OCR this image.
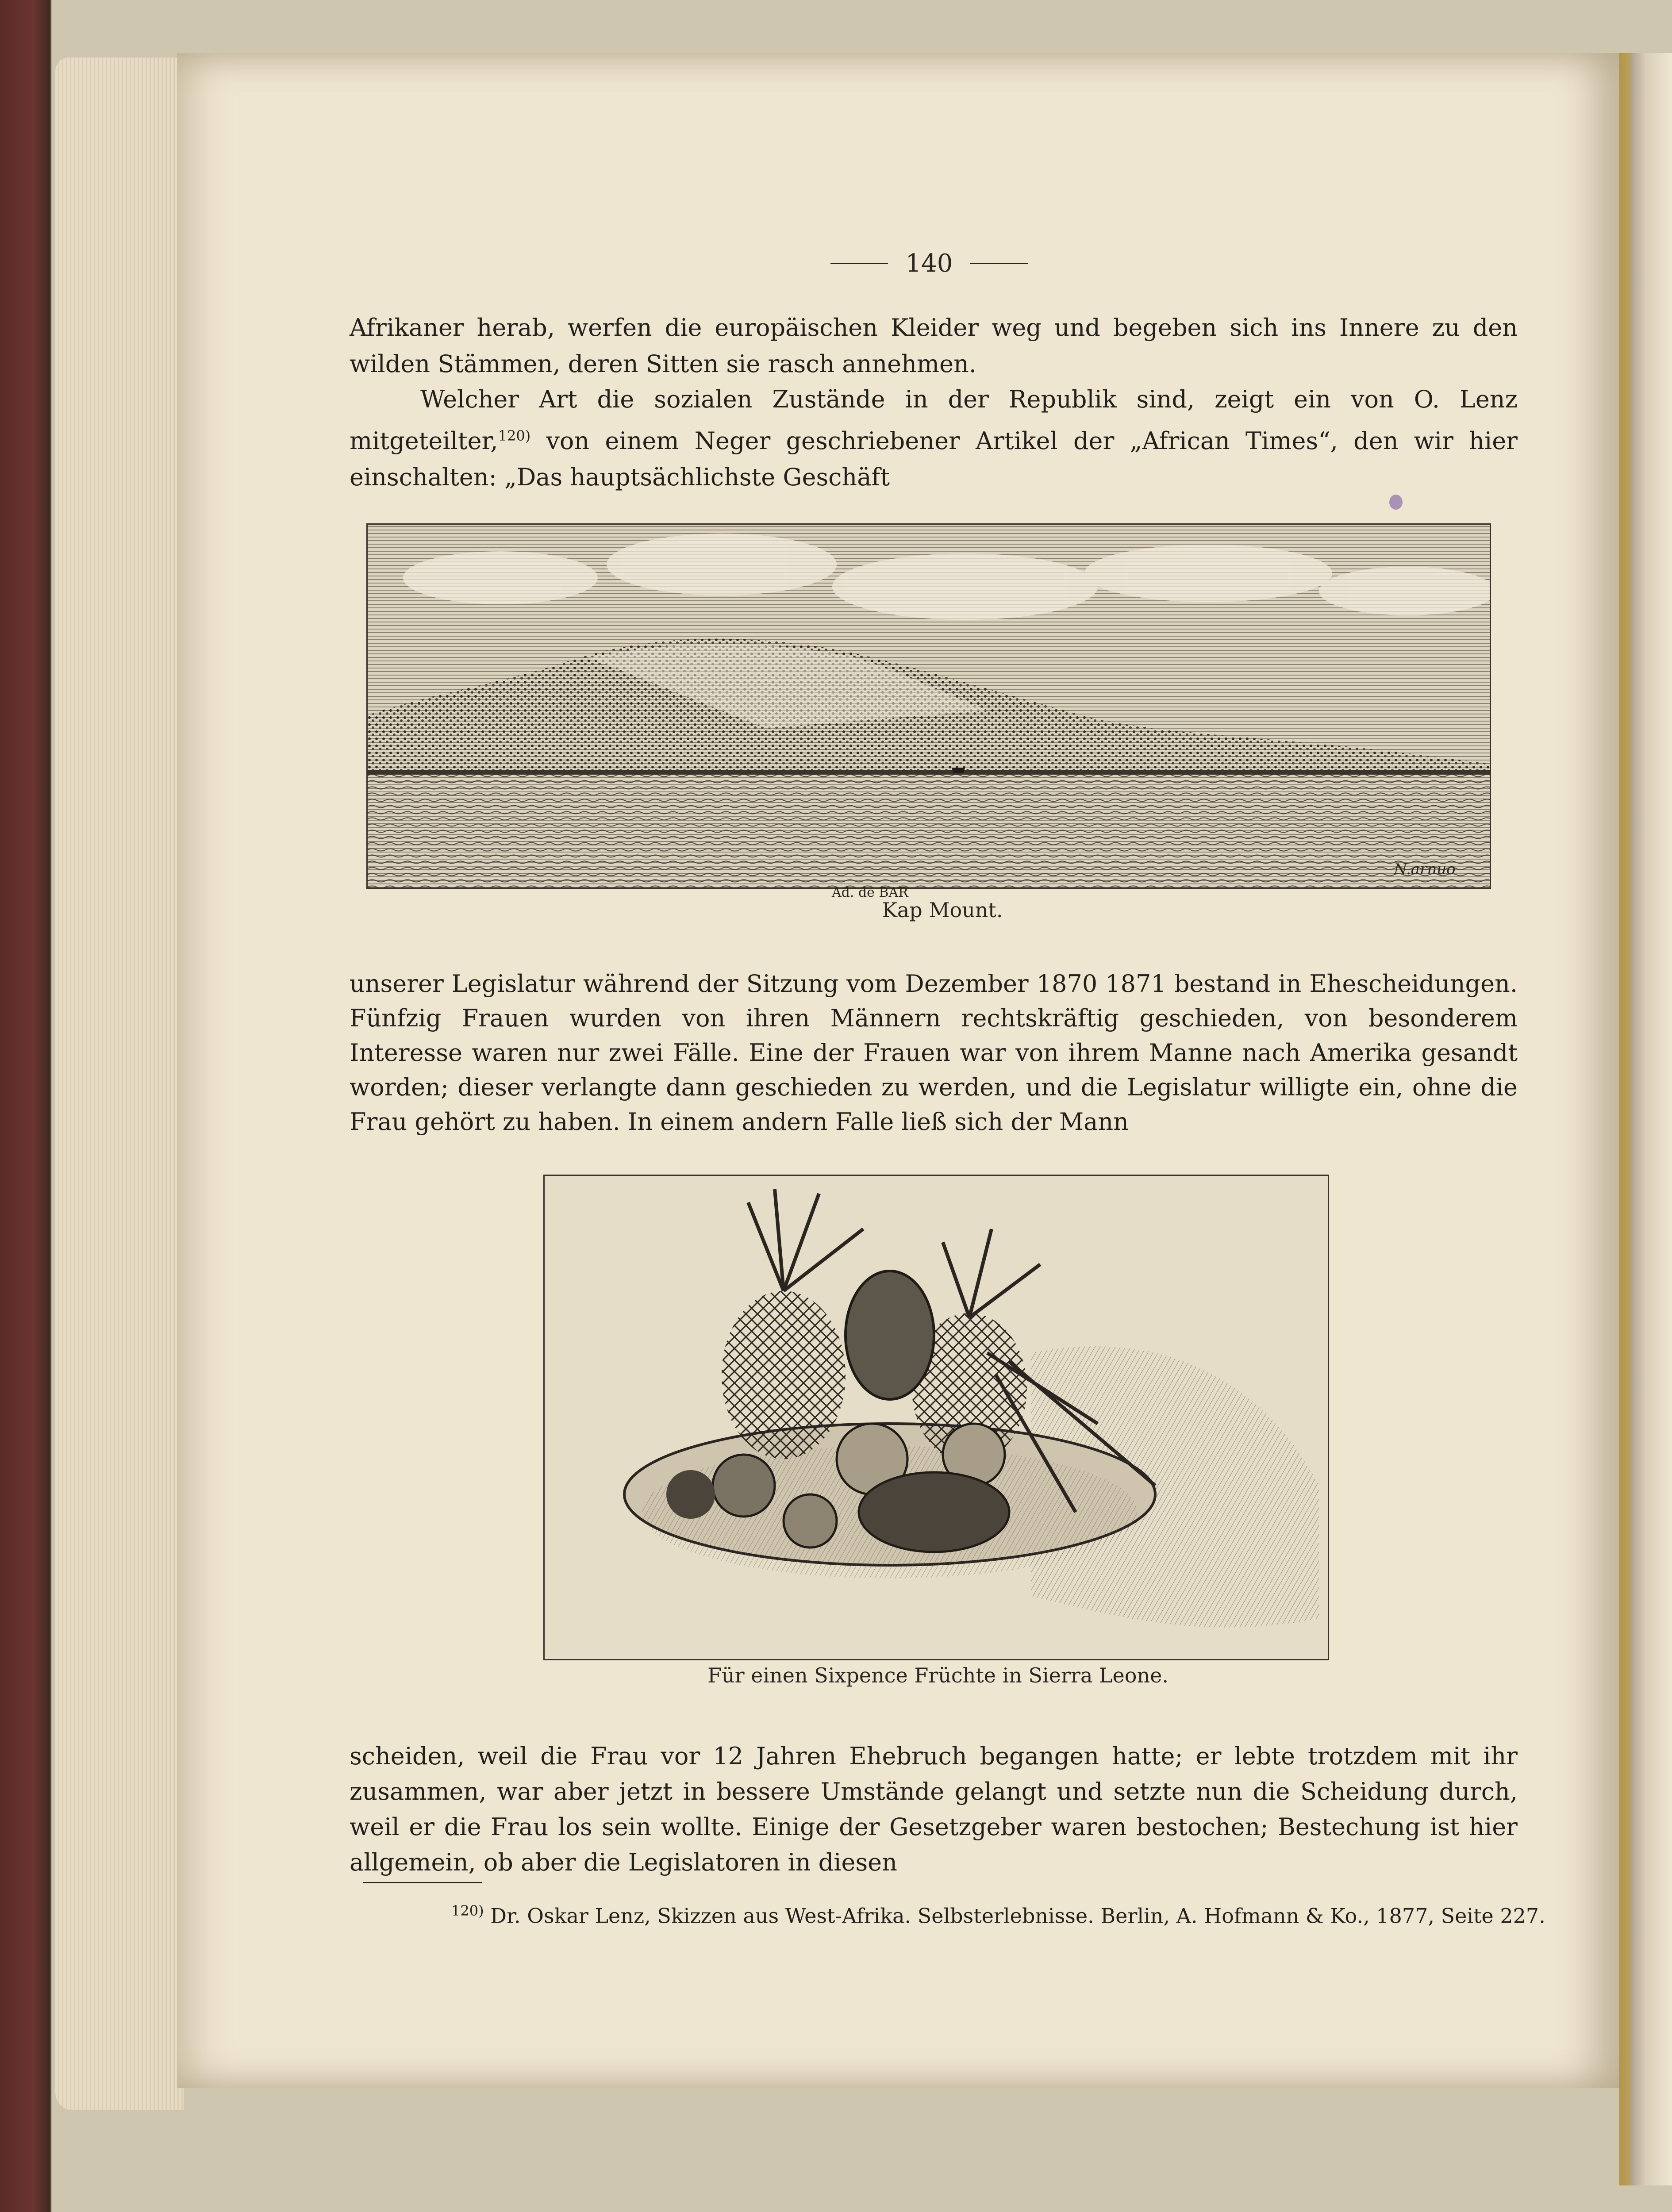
140
Afrikaner herab, werfen die europäischen Kleider weg und begeben sich ins Innere zu den wilden Stämmen, deren Sitten sie rasch annehmen.
Welcher Art die sozialen Zustände in der Republik sind, zeigt ein von O. Lenz mitgeteilter,$^{120)}$ von einem Neger geschriebener Artikel der „African Times“, den wir hier einschalten: „Das hauptsächlichste Geschäft
Ad. de BAR
N.arnuo
Kap Mount.
unserer Legislatur während der Sitzung vom Dezember 1870 1871 bestand in Ehescheidungen. Fünfzig Frauen wurden von ihren Männern rechtskräftig geschieden, von besonderem Interesse waren nur zwei Fälle. Eine der Frauen war von ihrem Manne nach Amerika gesandt worden; dieser verlangte dann geschieden zu werden, und die Legislatur willigte ein, ohne die Frau gehört zu haben. In einem andern Falle ließ sich der Mann
Für einen Sixpence Früchte in Sierra Leone.
scheiden, weil die Frau vor 12 Jahren Ehebruch begangen hatte; er lebte trotzdem mit ihr zusammen, war aber jetzt in bessere Umstände gelangt und setzte nun die Scheidung durch, weil er die Frau los sein wollte. Einige der Gesetzgeber waren bestochen; Bestechung ist hier allgemein, ob aber die Legislatoren in diesen
$^{120)}$ Dr. Oskar Lenz, Skizzen aus West-Afrika. Selbsterlebnisse. Berlin, A. Hofmann & Ko., 1877, Seite 227.
